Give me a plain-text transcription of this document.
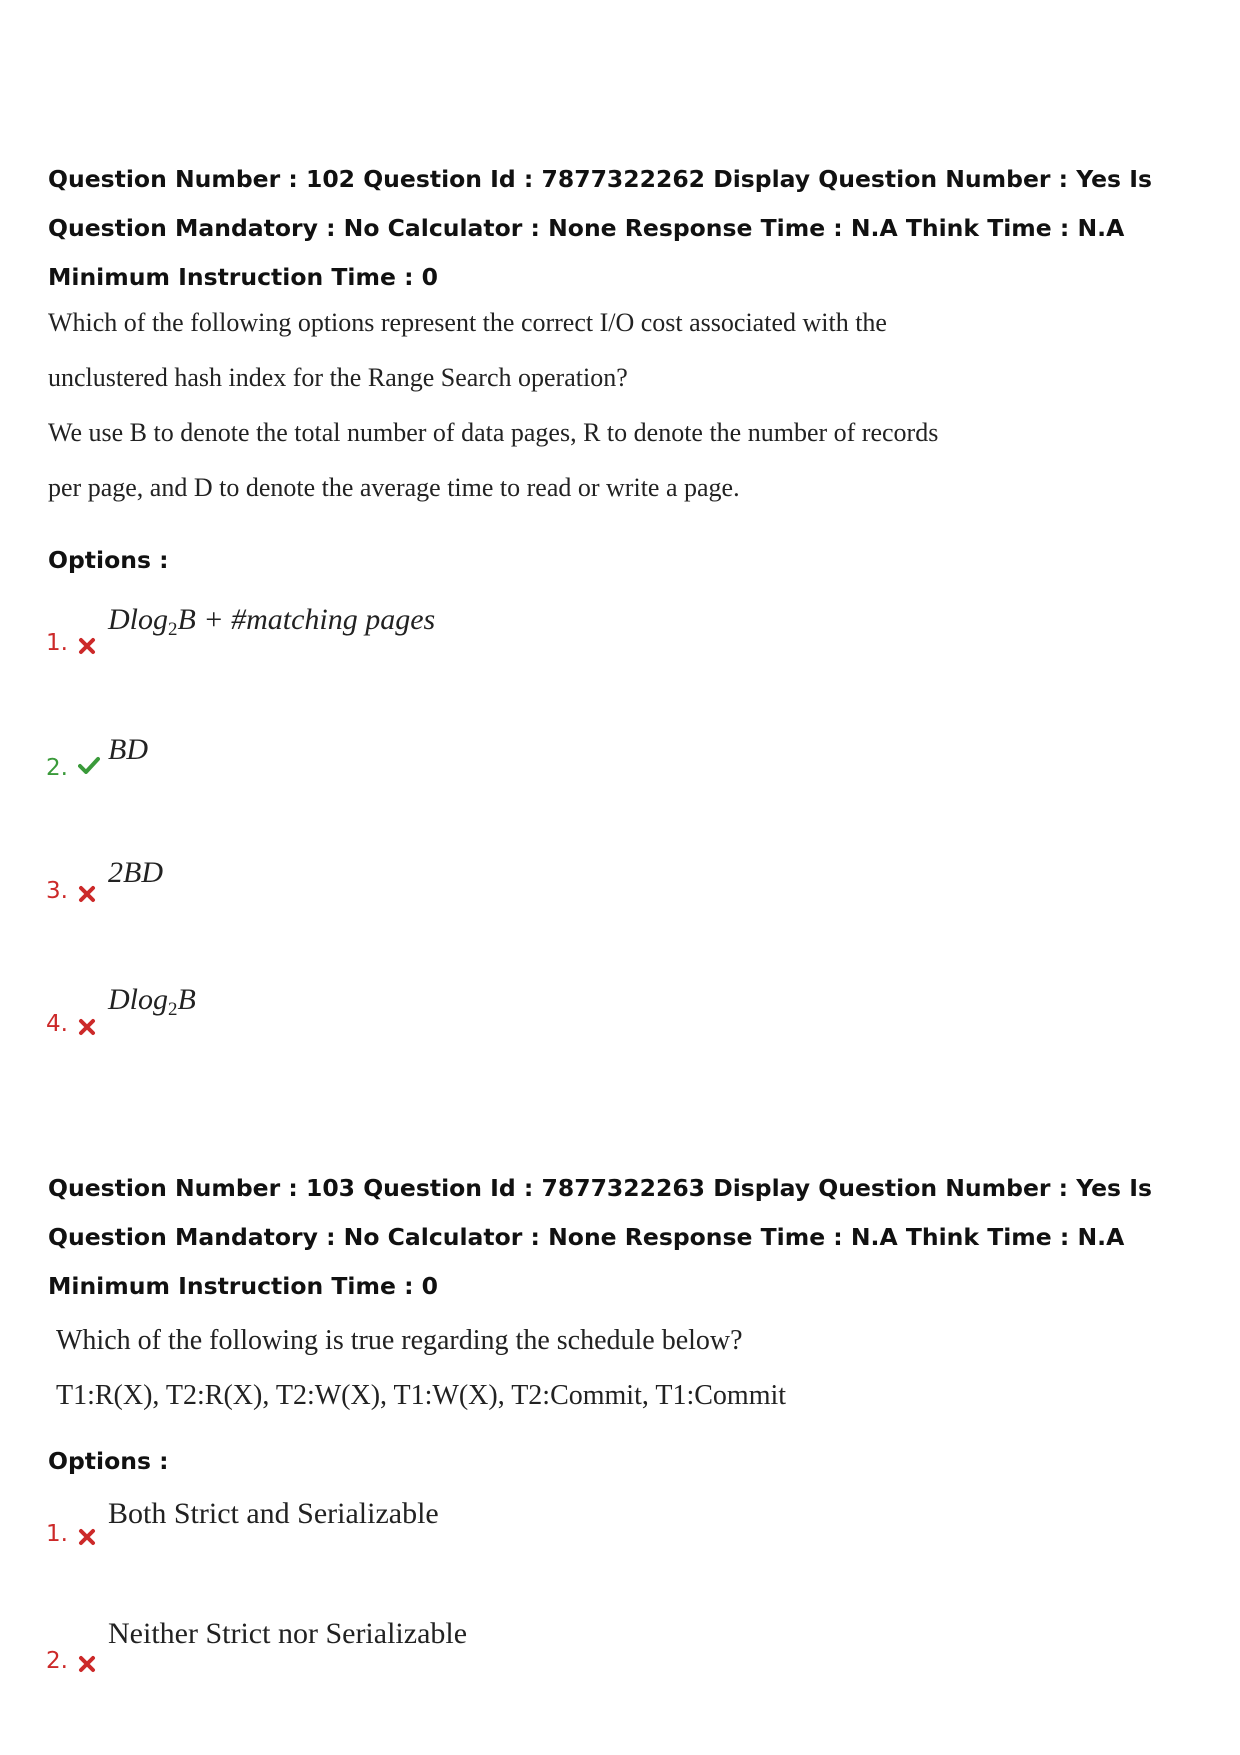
Question Number : 102 Question Id : 7877322262 Display Question Number : Yes Is Question Mandatory : No Calculator : None Response Time : N.A Think Time : N.A Minimum Instruction Time : 0

Which of the following options represent the correct I/O cost associated with the

unclustered hash index for the Range Search operation?

We use B to denote the total number of data pages, R to denote the number of records

per page, and D to denote the average time to read or write a page.

Options :
1.
Dlog$_2$B + #matching pages
2.
BD
3.
2BD
4.
Dlog$_2$B

Question Number : 103 Question Id : 7877322263 Display Question Number : Yes Is Question Mandatory : No Calculator : None Response Time : N.A Think Time : N.A Minimum Instruction Time : 0

Which of the following is true regarding the schedule below?

T1:R(X), T2:R(X), T2:W(X), T1:W(X), T2:Commit, T1:Commit

Options :
1.
Both Strict and Serializable
2.
Neither Strict nor Serializable
